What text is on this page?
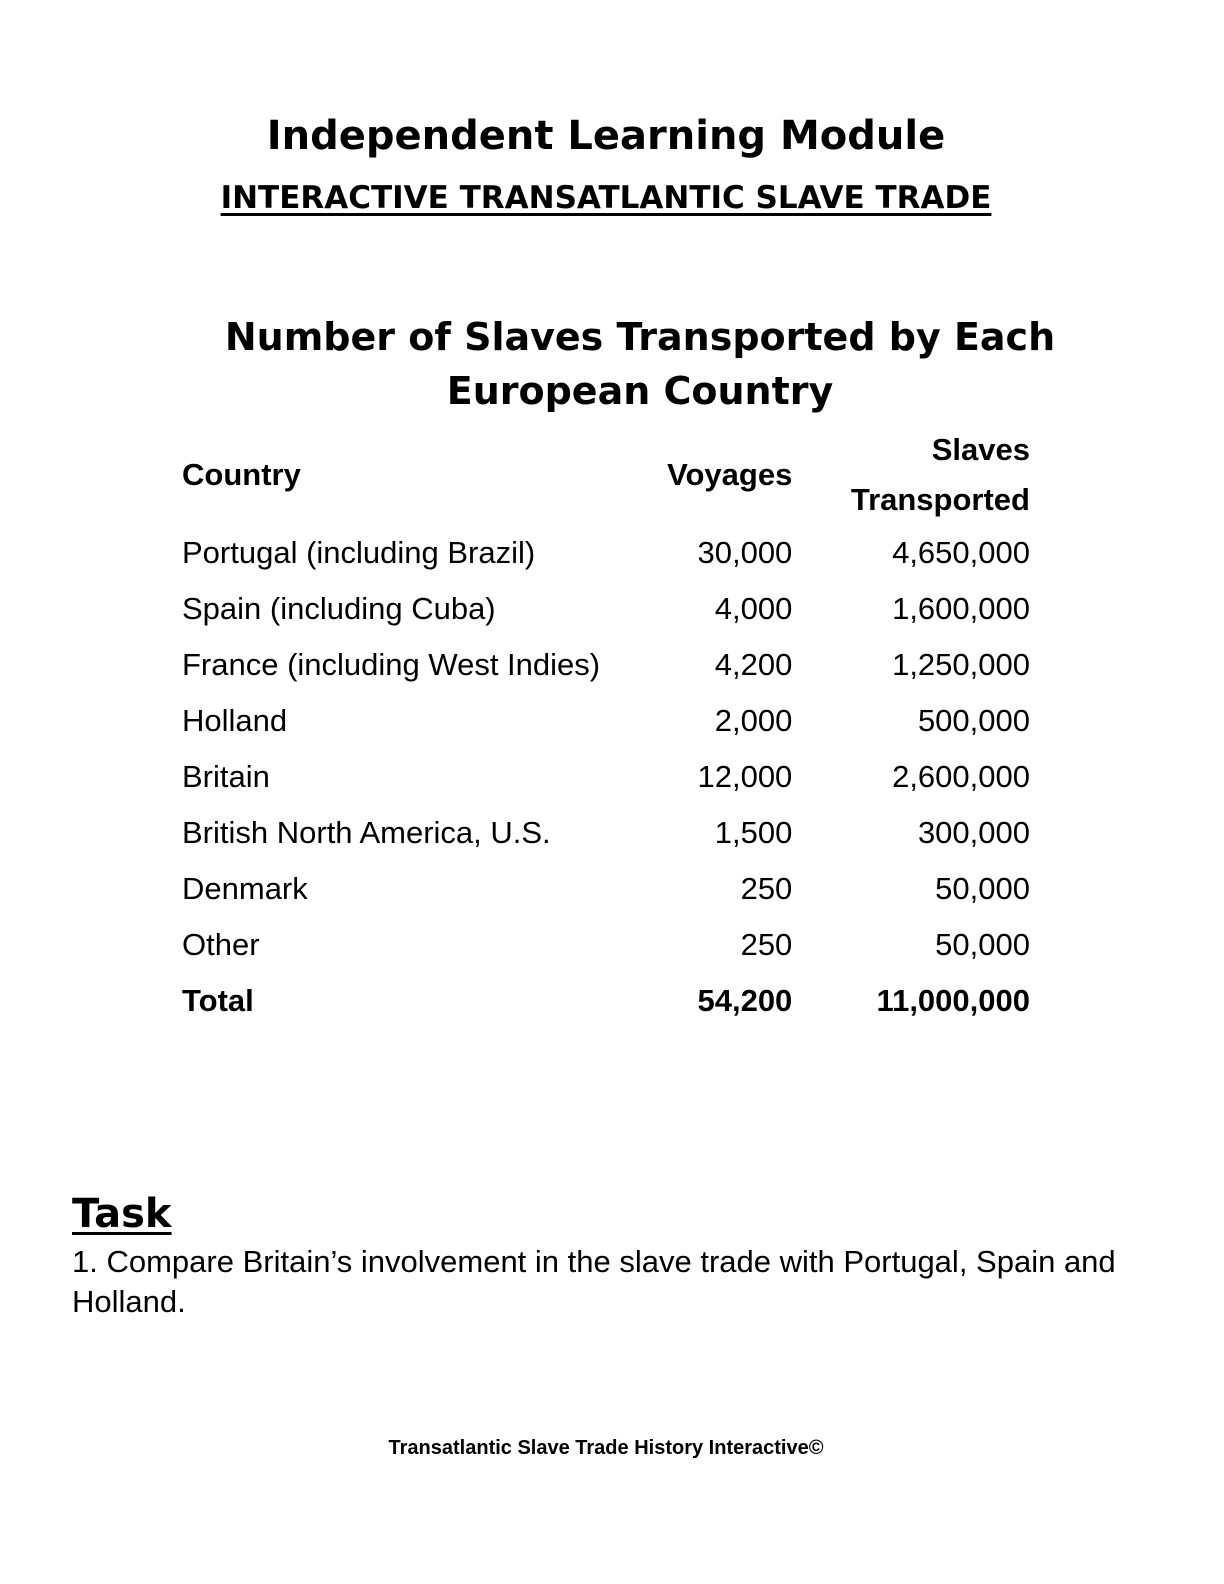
Independent Learning Module
INTERACTIVE TRANSATLANTIC SLAVE TRADE
Number of Slaves Transported by Each European Country
Country	Voyages	Slaves Transported
Portugal (including Brazil)	30,000	4,650,000
Spain (including Cuba)	4,000	1,600,000
France (including West Indies)	4,200	1,250,000
Holland	2,000	500,000
Britain	12,000	2,600,000
British North America, U.S.	1,500	300,000
Denmark	250	50,000
Other	250	50,000
Total	54,200	11,000,000
Task

1. Compare Britain’s involvement in the slave trade with Portugal, Spain and Holland.

Transatlantic Slave Trade History Interactive©
